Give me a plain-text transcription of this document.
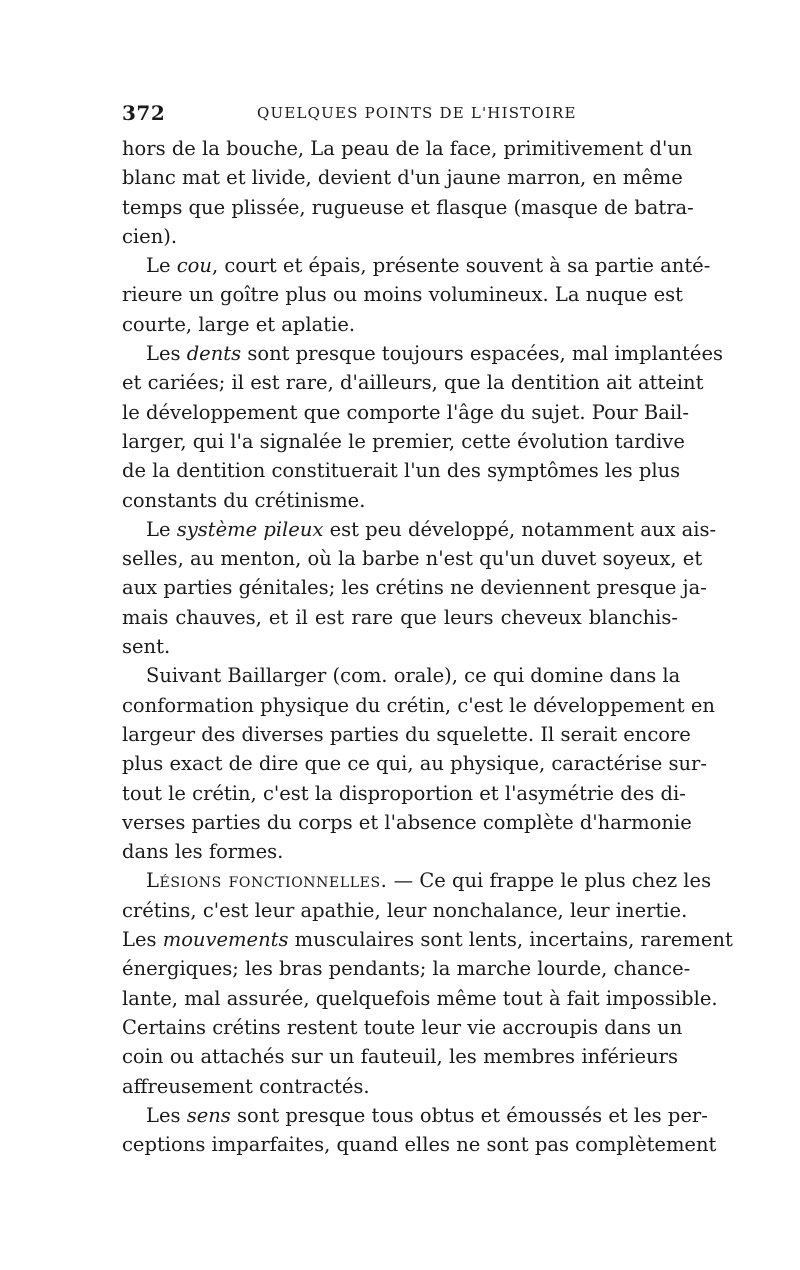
372	QUELQUES POINTS DE L'HISTOIRE
hors de la bouche, La peau de la face, primitivement d'un
blanc mat et livide, devient d'un jaune marron, en même
temps que plissée, rugueuse et flasque (masque de batra-
cien).
Le cou, court et épais, présente souvent à sa partie anté-
rieure un goître plus ou moins volumineux. La nuque est
courte, large et aplatie.
Les dents sont presque toujours espacées, mal implantées
et cariées; il est rare, d'ailleurs, que la dentition ait atteint
le développement que comporte l'âge du sujet. Pour Bail-
larger, qui l'a signalée le premier, cette évolution tardive
de la dentition constituerait l'un des symptômes les plus
constants du crétinisme.
Le système pileux est peu développé, notamment aux ais-
selles, au menton, où la barbe n'est qu'un duvet soyeux, et
aux parties génitales; les crétins ne deviennent presque ja-
mais chauves, et il est rare que leurs cheveux blanchis-
sent.
Suivant Baillarger (com. orale), ce qui domine dans la
conformation physique du crétin, c'est le développement en
largeur des diverses parties du squelette. Il serait encore
plus exact de dire que ce qui, au physique, caractérise sur-
tout le crétin, c'est la disproportion et l'asymétrie des di-
verses parties du corps et l'absence complète d'harmonie
dans les formes.
Lésions fonctionnelles. — Ce qui frappe le plus chez les
crétins, c'est leur apathie, leur nonchalance, leur inertie.
Les mouvements musculaires sont lents, incertains, rarement
énergiques; les bras pendants; la marche lourde, chance-
lante, mal assurée, quelquefois même tout à fait impossible.
Certains crétins restent toute leur vie accroupis dans un
coin ou attachés sur un fauteuil, les membres inférieurs
affreusement contractés.
Les sens sont presque tous obtus et émoussés et les per-
ceptions imparfaites, quand elles ne sont pas complètement
